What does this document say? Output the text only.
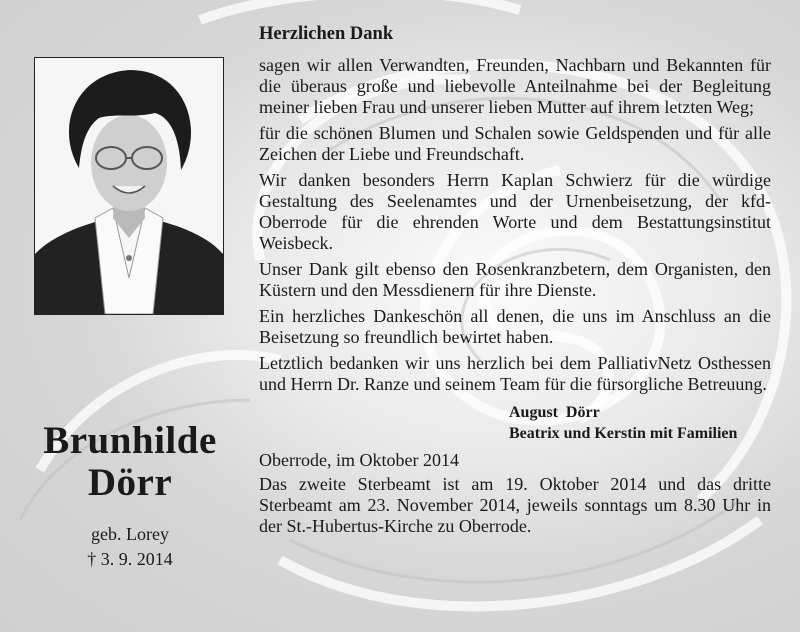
Brunhilde
Dörr
geb. Lorey
† 3. 9. 2014
Herzlichen Dank

sagen wir allen Verwandten, Freunden, Nachbarn und Bekannten für die überaus große und liebevolle Anteilnahme bei der Begleitung meiner lieben Frau und unserer lieben Mutter auf ihrem letzten Weg;

für die schönen Blumen und Schalen sowie Geldspenden und für alle Zeichen der Liebe und Freundschaft.

Wir danken besonders Herrn Kaplan Schwierz für die würdige Gestaltung des Seelenamtes und der Urnenbeisetzung, der kfd-Oberrode für die ehrenden Worte und dem Bestattungsinstitut Weisbeck.

Unser Dank gilt ebenso den Rosenkranzbetern, dem Organisten, den Küstern und den Messdienern für ihre Dienste.

Ein herzliches Dankeschön all denen, die uns im Anschluss an die Beisetzung so freundlich bewirtet haben.

Letztlich bedanken wir uns herzlich bei dem PalliativNetz Osthessen und Herrn Dr. Ranze und seinem Team für die fürsorgliche Betreuung.

August  Dörr
Beatrix und Kerstin mit Familien
Oberrode, im Oktober 2014

Das zweite Sterbeamt ist am 19. Oktober 2014 und das dritte Sterbeamt am 23. November 2014, jeweils sonntags um 8.30 Uhr in der St.-Hubertus-Kirche zu Oberrode.
